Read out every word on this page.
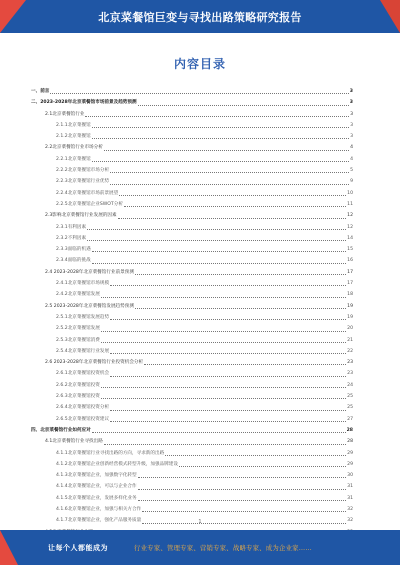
北京菜餐馆巨变与寻找出路策略研究报告
内容目录
一、前言	3
二、2023-2028年北京菜餐馆市场前景及趋势预测	3
2.1北京菜餐馆行业	3
2.1.1北京菜餐馆	3
2.1.2北京菜餐馆	3
2.2北京菜餐馆行业市场分析	4
2.2.1北京菜餐馆	4
2.2.2北京菜餐馆市场分析	5
2.2.3北京菜餐馆行业优势	9
2.2.4北京菜餐馆市场前景展望	10
2.2.5北京菜餐馆企业SWOT分析	11
2.3影响北京菜餐馆行业发展的因素	12
2.3.1有利因素	12
2.3.2不利因素	14
2.3.3面临的机遇	15
2.3.4面临的挑战	16
2.4 2023-2028年北京菜餐馆行业前景预测	17
2.4.1北京菜餐馆市场规模	17
2.4.2北京菜餐馆发展	18
2.5 2023-2028年北京菜餐馆发展趋势预测	19
2.5.1北京菜餐馆发展趋势	19
2.5.2北京菜餐馆发展	20
2.5.3北京菜餐馆消费	21
2.5.4北京菜餐馆行业发展	22
2.6 2023-2028年北京菜餐馆行业投资机会分析	23
2.6.1北京菜餐馆投资机会	23
2.6.2北京菜餐馆投资	24
2.6.3北京菜餐馆投资	25
2.6.4北京菜餐馆投资分析	25
2.6.5北京菜餐馆投资建议	27
四、北京菜餐馆行业如何应对	28
4.1北京菜餐馆行业寻找出路	28
4.1.1北京菜餐馆行业寻找出路的方向，寻求新的出路	29
4.1.2北京菜餐馆企业创新经营模式转型升级，加强品牌建设	29
4.1.3北京菜餐馆企业，加强数字化转型	30
4.1.4北京菜餐馆企业，可以与企业合作	31
4.1.5北京菜餐馆企业，发展多样化业务	31
4.1.6北京菜餐馆企业，加强与相关方合作	32
4.1.7北京菜餐馆企业，强化产品服务质量	32
1
让每个人都能成为	行业专家、管理专家、营销专家、战略专家、成为企业家……
